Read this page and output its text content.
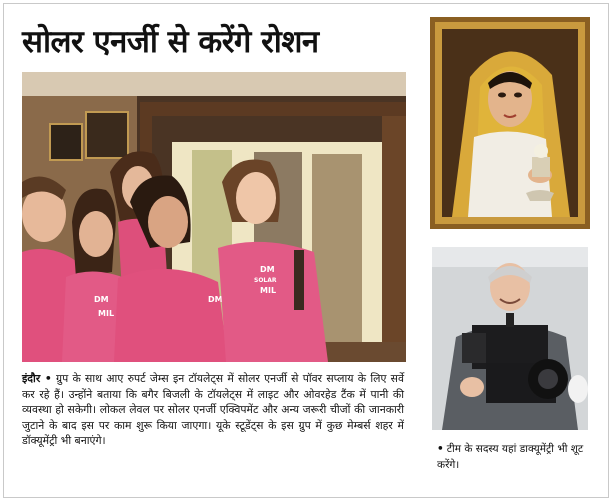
सोलर एनर्जी से करेंगे रोशन
DM
DM
SOLAR
MIL
DM
MIL
• टीम के सदस्य यहां डाक्यूमेंट्री भी शूट करेंगे।
इंदौर • ग्रुप के साथ आए रुपर्ट जेम्स इन टॉयलेट्स में सोलर एनर्जी से पॉवर सप्लाय के लिए सर्वे कर रहे हैं। उन्होंने बताया कि बगैर बिजली के टॉयलेट्स में लाइट और ओवरहेड टैंक में पानी की व्यवस्था हो सकेगी। लोकल लेवल पर सोलर एनर्जी एक्विपमेंट और अन्य जरूरी चीजों की जानकारी जुटाने के बाद इस पर काम शुरू किया जाएगा। यूके स्टूडेंट्स के इस ग्रुप में कुछ मेम्बर्स शहर में डॉक्यूमेंट्री भी बनाएंगे।
